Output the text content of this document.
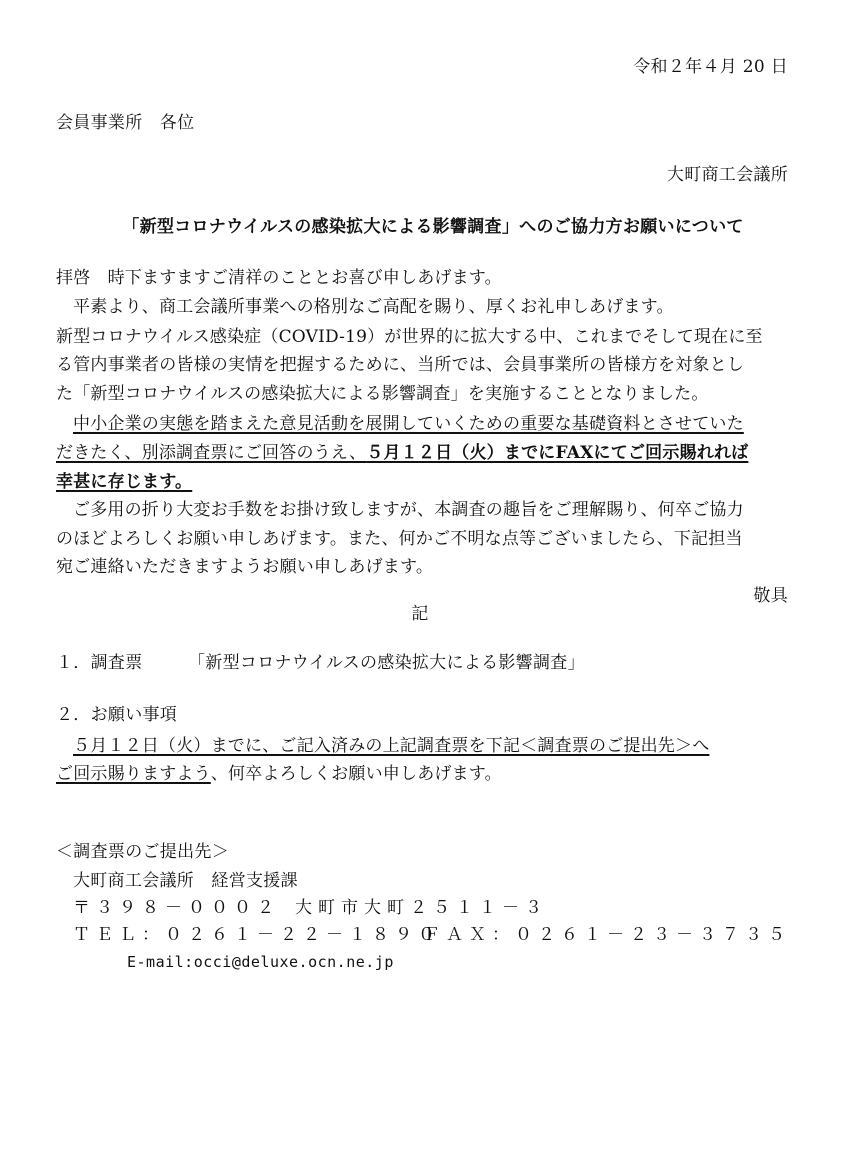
令和２年４月 20 日
会員事業所　各位
大町商工会議所
「新型コロナウイルスの感染拡大による影響調査」へのご協力方お願いについて
拝啓　時下ますますご清祥のこととお喜び申しあげます。
平素より、商工会議所事業への格別なご高配を賜り、厚くお礼申しあげます。
新型コロナウイルス感染症（COVID-19）が世界的に拡大する中、これまでそして現在に至
る管内事業者の皆様の実情を把握するために、当所では、会員事業所の皆様方を対象とし
た「新型コロナウイルスの感染拡大による影響調査」を実施することとなりました。
中小企業の実態を踏まえた意見活動を展開していくための重要な基礎資料とさせていた
だきたく、別添調査票にご回答のうえ、５月１２日（火）までにFAXにてご回示賜れれば
幸甚に存じます。
ご多用の折り大変お手数をお掛け致しますが、本調査の趣旨をご理解賜り、何卒ご協力
のほどよろしくお願い申しあげます。また、何かご不明な点等ございましたら、下記担当
宛ご連絡いただきますようお願い申しあげます。
敬具
記
１．調査票	「新型コロナウイルスの感染拡大による影響調査」
２．お願い事項
５月１２日（火）までに、ご記入済みの上記調査票を下記＜調査票のご提出先＞へ
ご回示賜りますよう、何卒よろしくお願い申しあげます。
＜調査票のご提出先＞
大町商工会議所　経営支援課
〒３９８－０００２ 大町市大町２５１１－３
ＴＥＬ：０２６１－２２－１８９０
ＦＡＸ：０２６１－２３－３７３５
E-mail:occi@deluxe.ocn.ne.jp
